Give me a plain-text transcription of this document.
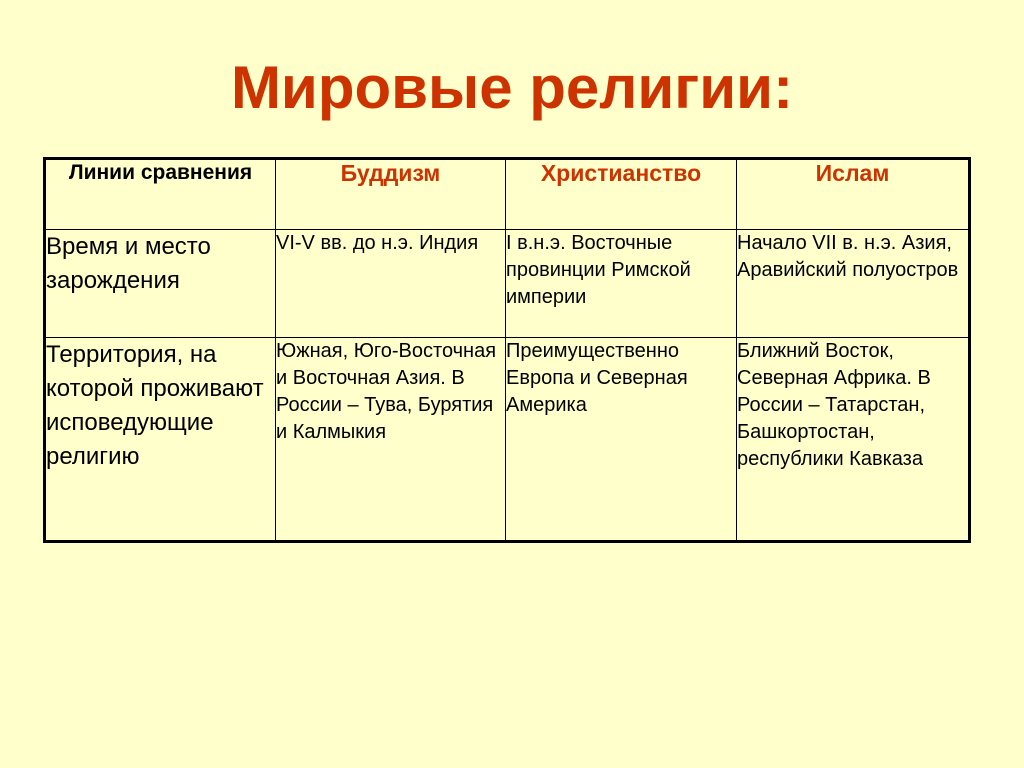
Мировые религии:
Линии сравнения	Буддизм	Христианство	Ислам
Время и место зарождения	VI-V вв. до н.э. Индия	I в.н.э. Восточные провинции Римской империи	Начало VII в. н.э. Азия, Аравийский полуостров
Территория, на которой проживают исповедующие религию	Южная, Юго-Восточная и Восточная Азия. В России – Тува, Бурятия и Калмыкия	Преимущественно Европа и Северная Америка	Ближний Восток, Северная Африка. В России – Татарстан, Башкортостан, республики Кавказа
